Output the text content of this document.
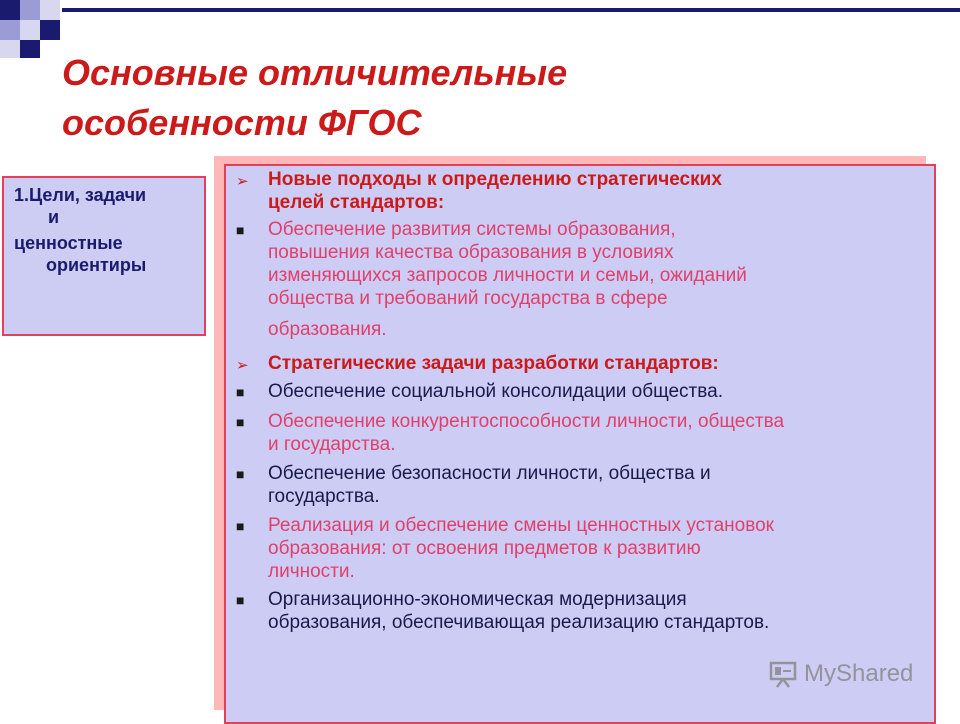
Основные отличительные
особенности ФГОС
1.Цели, задачи
и
ценностные
ориентиры
➢	Новые подходы к определению стратегических
целей стандартов:
■	Обеспечение развития системы образования,
повышения качества образования в условиях
изменяющихся запросов личности и семьи, ожиданий
общества и требований государства в сфере
образования.
➢	Стратегические задачи разработки стандартов:
■	Обеспечение социальной консолидации общества.
■	Обеспечение конкурентоспособности личности, общества
и государства.
■	Обеспечение безопасности личности, общества и
государства.
■	Реализация и обеспечение смены ценностных установок
образования: от освоения предметов к развитию
личности.
■	Организационно-экономическая модернизация
образования, обеспечивающая реализацию стандартов.
MyShared
